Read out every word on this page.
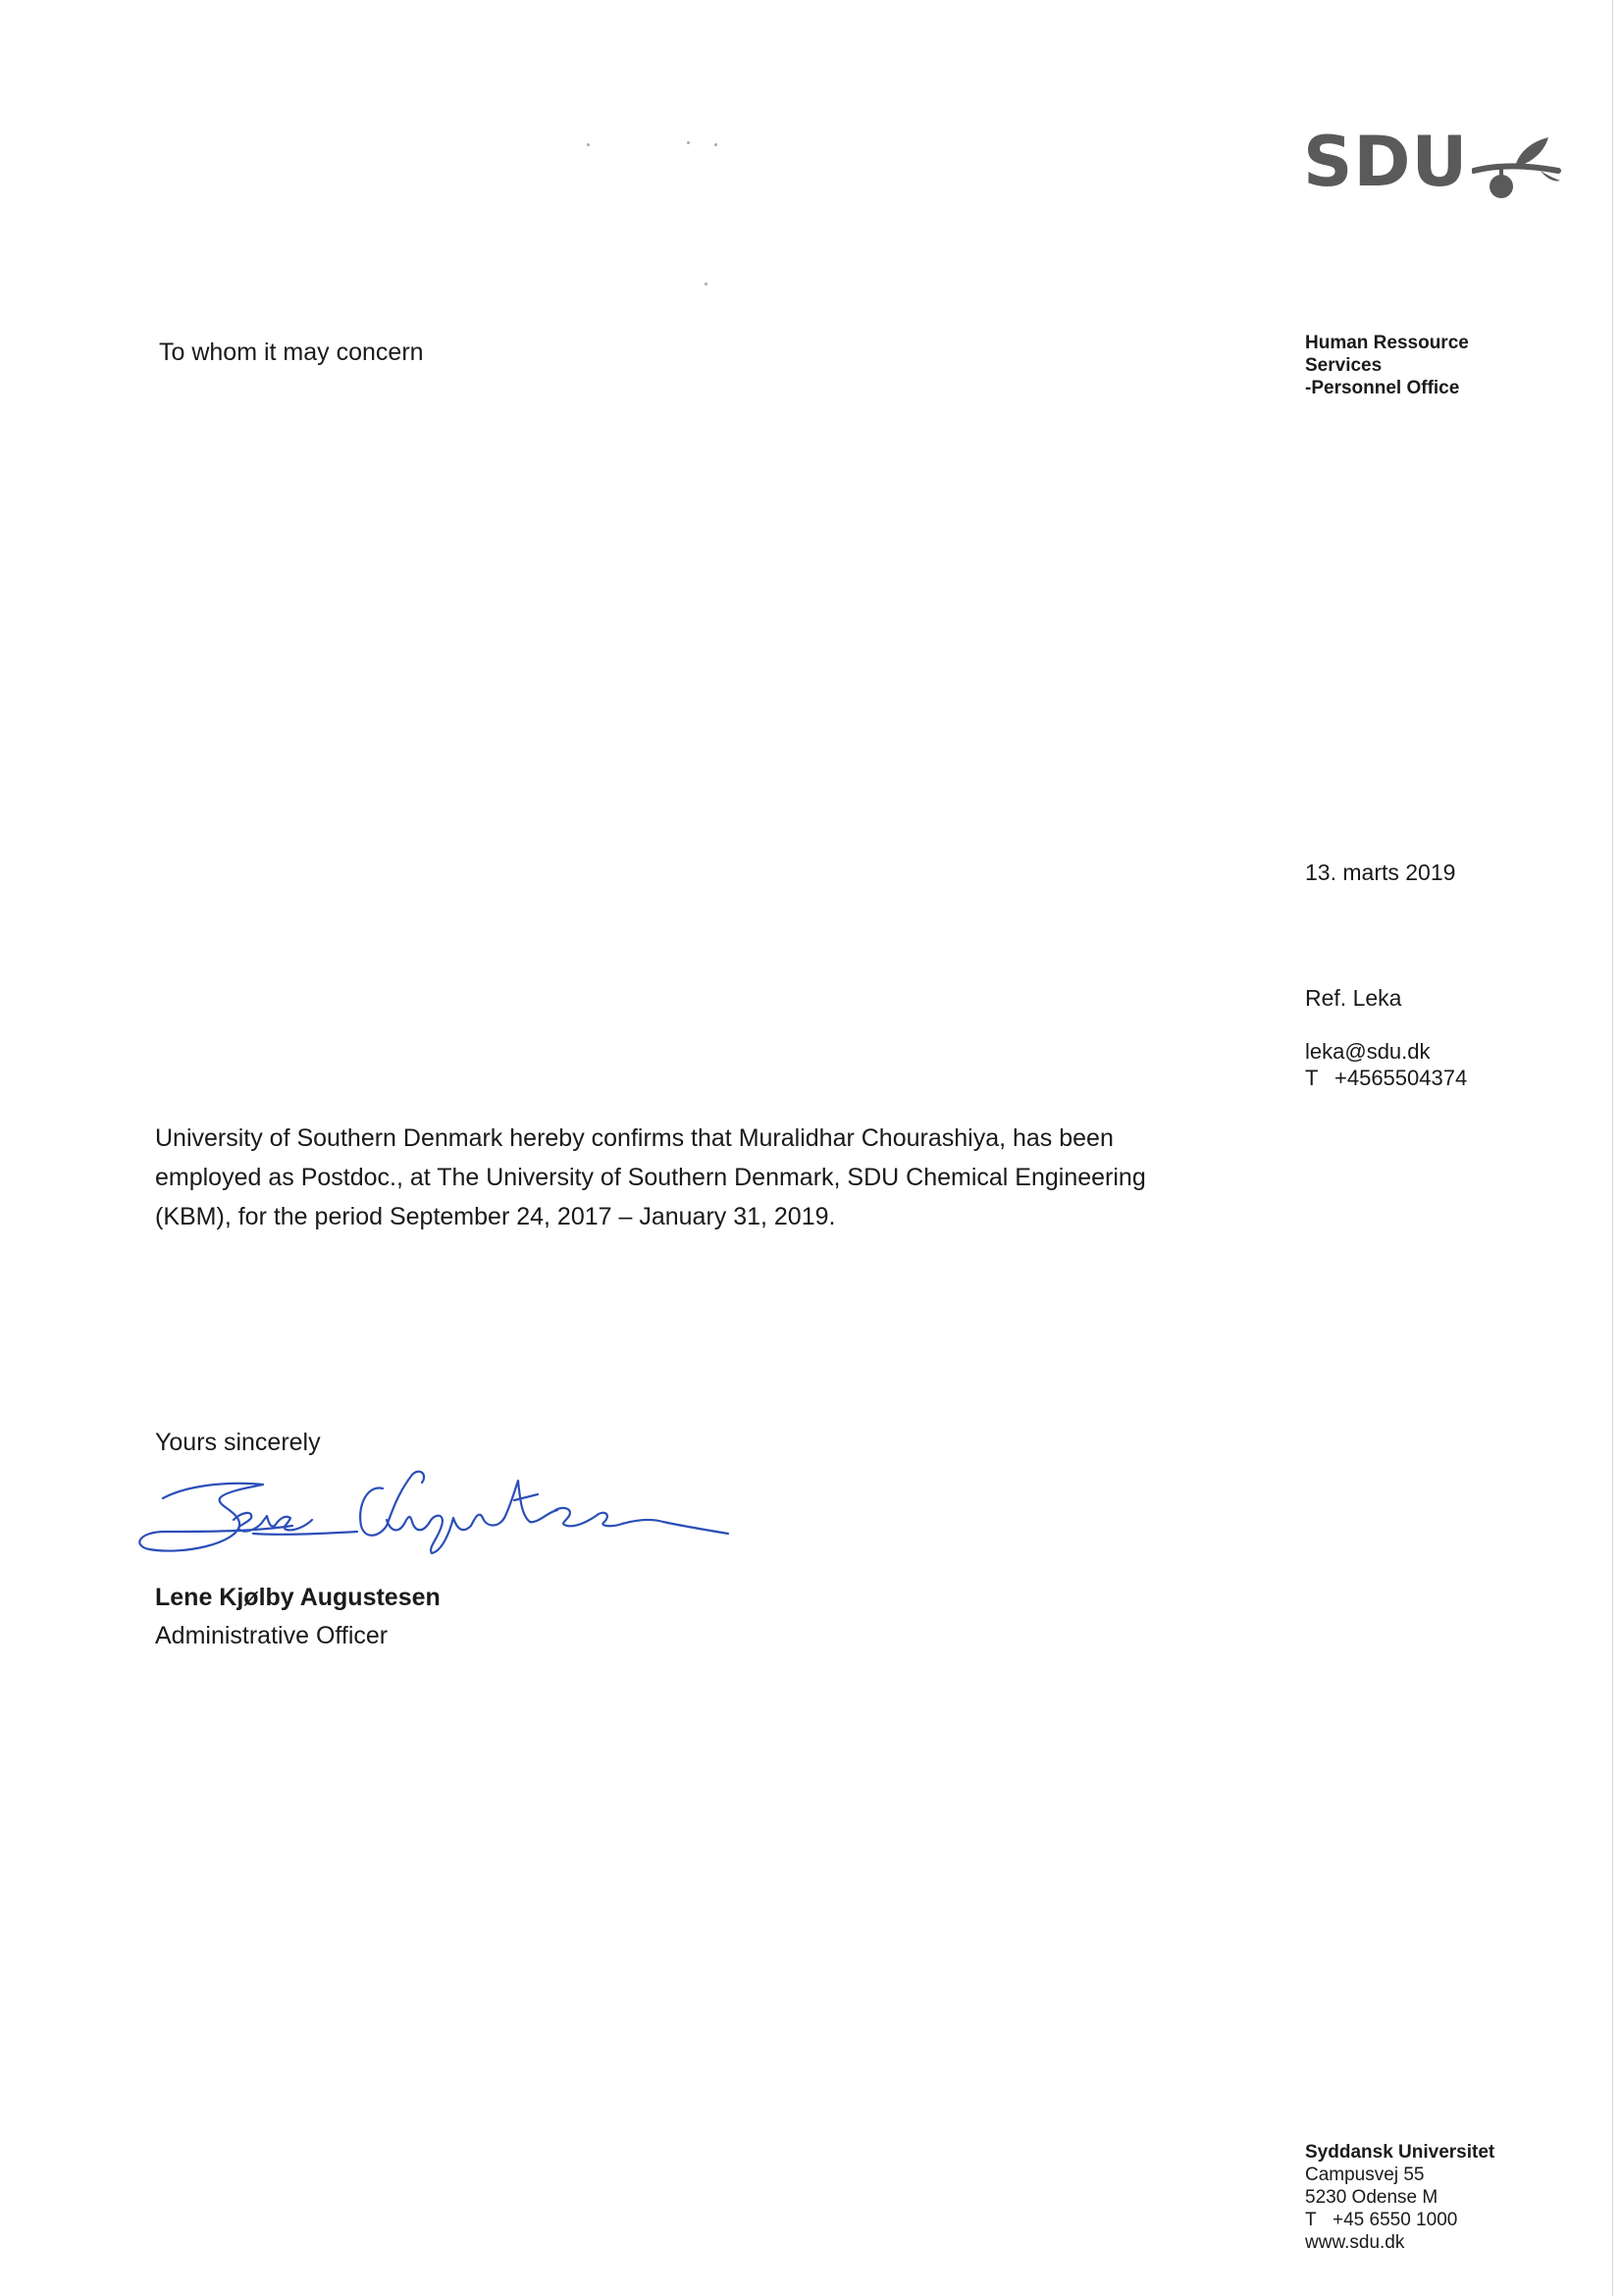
SDU
To whom it may concern	Human Ressource
Services
-Personnel Office
13. marts 2019
Ref. Leka
leka@sdu.dk
T +4565504374

University of Southern Denmark hereby confirms that Muralidhar Chourashiya, has been employed as Postdoc., at The University of Southern Denmark, SDU Chemical Engineering (KBM), for the period September 24, 2017 – January 31, 2019.

Yours sincerely
Lene Kjølby Augustesen
Administrative Officer
Syddansk Universitet
Campusvej 55
5230 Odense M
T +45 6550 1000
www.sdu.dk
